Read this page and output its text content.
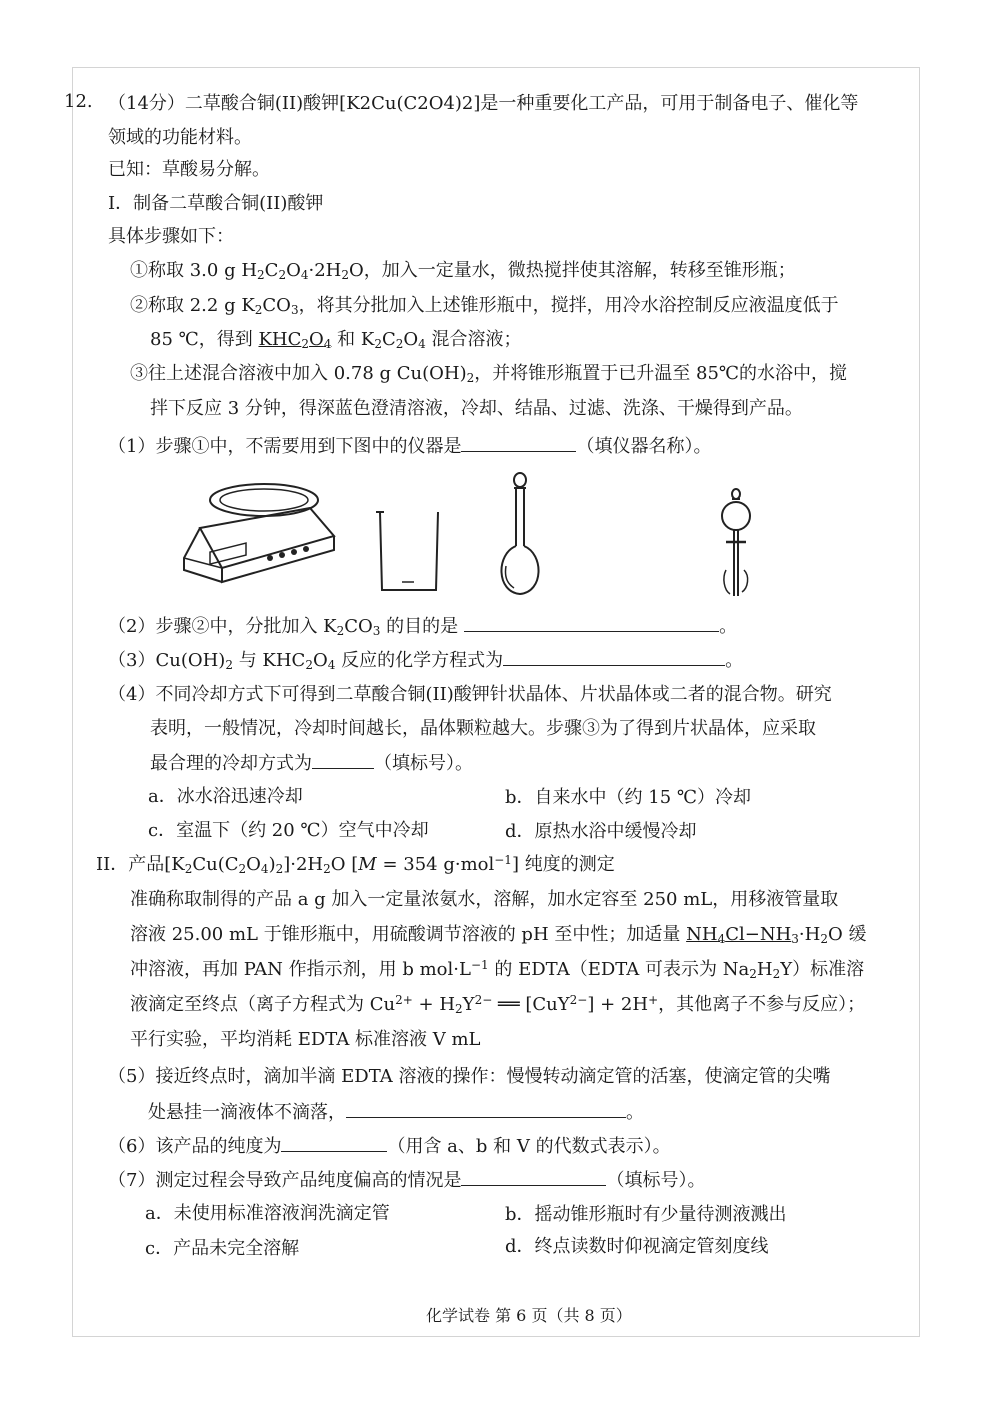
12. （14分）二草酸合铜(II)酸钾[K2Cu(C2O4)2]是一种重要化工产品，可用于制备电子、催化等
领域的功能材料。
已知：草酸易分解。
I．制备二草酸合铜(II)酸钾
具体步骤如下：
①称取 3.0 g $H_2C_2O_4\cdot 2H_2O$，加入一定量水，微热搅拌使其溶解，转移至锥形瓶；
②称取 2.2 g $K_2CO_3$，将其分批加入上述锥形瓶中，搅拌，用冷水浴控制反应液温度低于
85 ℃，得到 $KHC_2O_4$ 和 $K_2C_2O_4$ 混合溶液；
③往上述混合溶液中加入 0.78 g $Cu(OH)_2$，并将锥形瓶置于已升温至 85℃的水浴中，搅
拌下反应 3 分钟，得深蓝色澄清溶液，冷却、结晶、过滤、洗涤、干燥得到产品。
（1）步骤①中，不需要用到下图中的仪器是	（填仪器名称）。
（2）步骤②中，分批加入 $K_2CO_3$ 的目的是	。
$(3)Cu(OH)_2$ 与 $KHC_2O_4$ 反应的化学方程式为	。
（4）不同冷却方式下可得到二草酸合铜(II)酸钾针状晶体、片状晶体或二者的混合物。研究
表明，一般情况，冷却时间越长，晶体颗粒越大。步骤③为了得到片状晶体，应采取
最合理的冷却方式为	（填标号）。
a．冰水浴迅速冷却	b．自来水中（约 15 ℃）冷却
c．室温下（约 20 ℃）空气中冷却	d．原热水浴中缓慢冷却
II．产品$[K_2Cu(C_2O_4)_2]\cdot 2H_2O$ [M = 354 g·mol$^{-1}$] 纯度的测定
准确称取制得的产品 a g 加入一定量浓氨水，溶解，加水定容至 250 mL，用移液管量取
溶液 25.00 mL 于锥形瓶中，用硫酸调节溶液的 pH 至中性；加适量 $NH_4Cl-NH_3\cdot H_2O$ 缓
冲溶液，再加 PAN 作指示剂，用 b $mol\cdot L^{-1}$ 的 EDTA（EDTA 可表示为 $Na_2H_2Y$）标准溶
液滴定至终点（离子方程式为 $Cu^{2+} + H_2Y^{2-}$ ══ [CuY$^{2-}$] + 2H+，其他离子不参与反应）；
平行实验，平均消耗 EDTA 标准溶液 V mL
（5）接近终点时，滴加半滴 EDTA 溶液的操作：慢慢转动滴定管的活塞，使滴定管的尖嘴
处悬挂一滴液体不滴落，	。
（6）该产品的纯度为	（用含 a、b 和 V 的代数式表示）。
（7）测定过程会导致产品纯度偏高的情况是	（填标号）。
a．未使用标准溶液润洗滴定管	b．摇动锥形瓶时有少量待测液溅出
c．产品未完全溶解	d．终点读数时仰视滴定管刻度线
化学试卷 第 6 页（共 8 页）
